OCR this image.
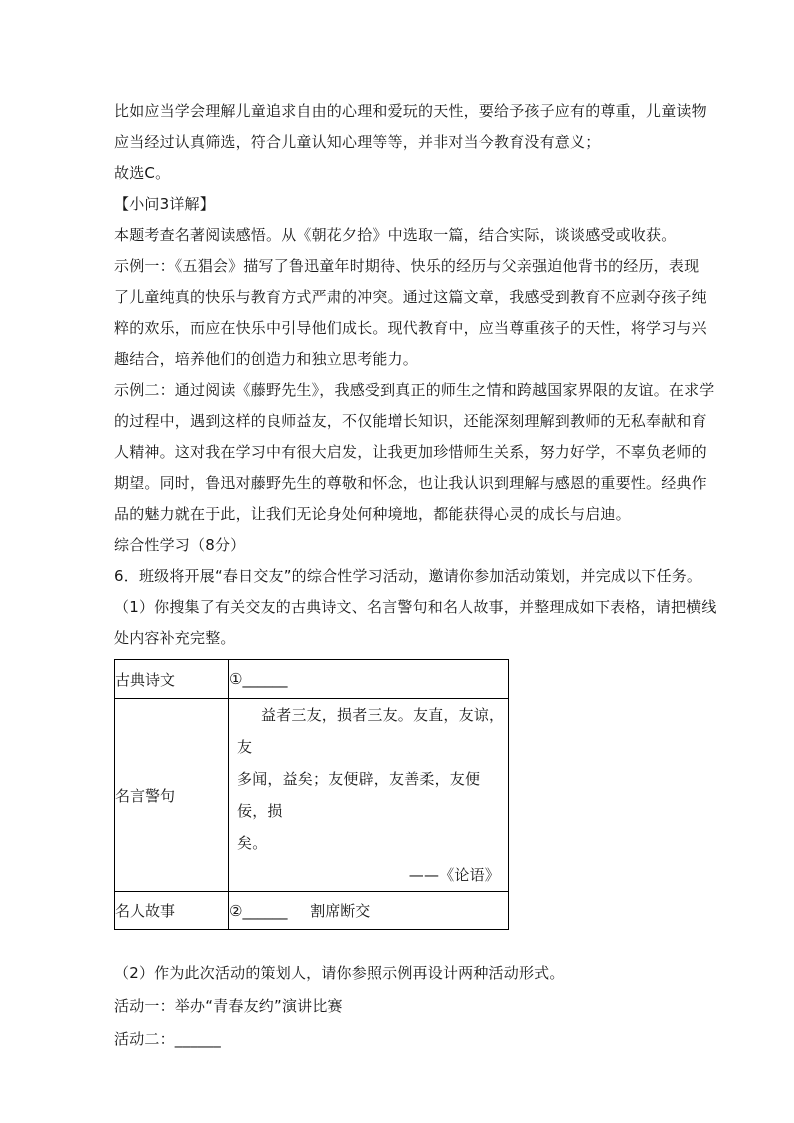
比如应当学会理解儿童追求自由的心理和爱玩的天性，要给予孩子应有的尊重，儿童读物

应当经过认真筛选，符合儿童认知心理等等，并非对当今教育没有意义；

故选C。

【小问3详解】

本题考查名著阅读感悟。从《朝花夕拾》中选取一篇，结合实际，谈谈感受或收获。

示例一：《五猖会》描写了鲁迅童年时期待、快乐的经历与父亲强迫他背书的经历，表现

了儿童纯真的快乐与教育方式严肃的冲突。通过这篇文章，我感受到教育不应剥夺孩子纯

粹的欢乐，而应在快乐中引导他们成长。现代教育中，应当尊重孩子的天性，将学习与兴

趣结合，培养他们的创造力和独立思考能力。

示例二：通过阅读《藤野先生》，我感受到真正的师生之情和跨越国家界限的友谊。在求学

的过程中，遇到这样的良师益友，不仅能增长知识，还能深刻理解到教师的无私奉献和育

人精神。这对我在学习中有很大启发，让我更加珍惜师生关系，努力好学，不辜负老师的

期望。同时，鲁迅对藤野先生的尊敬和怀念，也让我认识到理解与感恩的重要性。经典作

品的魅力就在于此，让我们无论身处何种境地，都能获得心灵的成长与启迪。

综合性学习（8分）

6．班级将开展“春日交友”的综合性学习活动，邀请你参加活动策划，并完成以下任务。

（1）你搜集了有关交友的古典诗文、名言警句和名人故事，并整理成如下表格，请把横线

处内容补充完整。

古典诗文	①______
名言警句	益者三友，损者三友。友直，友谅，友
多闻，益矣；友便辟，友善柔，友便佞，损
矣。
——《论语》

名人故事	②______ 割席断交

（2）作为此次活动的策划人，请你参照示例再设计两种活动形式。

活动一：举办“青春友约”演讲比赛

活动二：______
